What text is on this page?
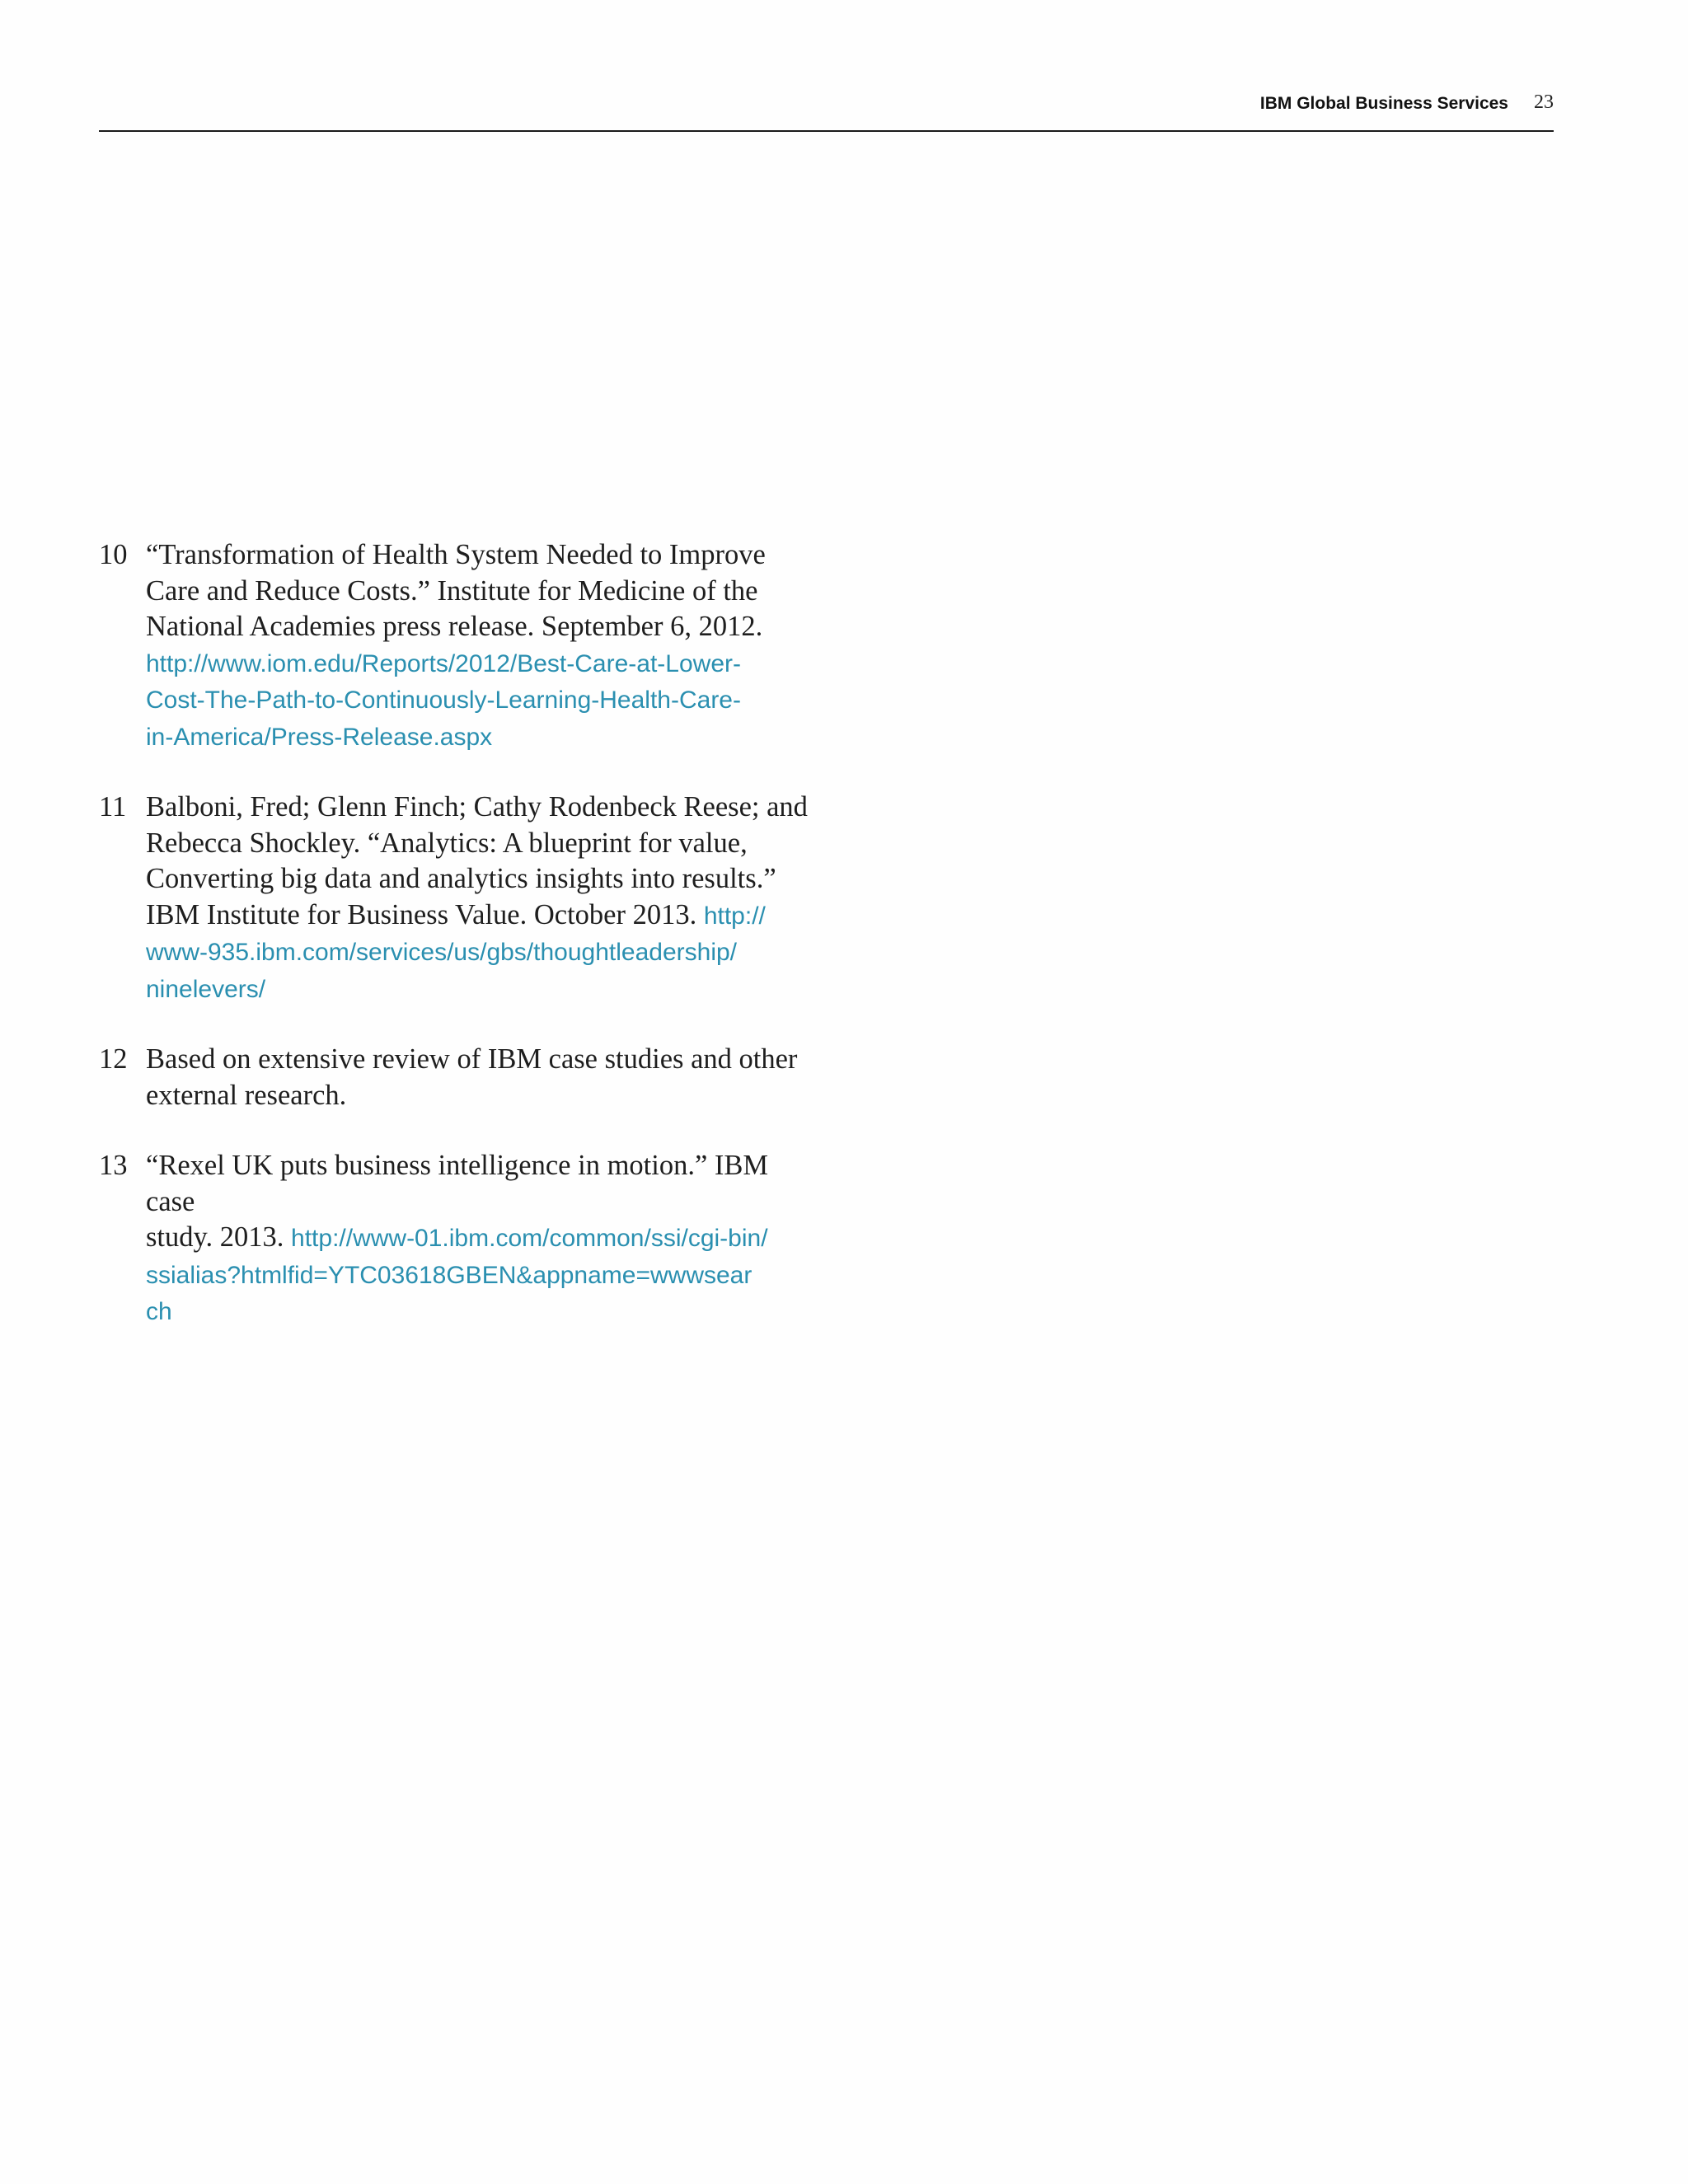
IBM Global Business Services 23
10 “Transformation of Health System Needed to Improve
Care and Reduce Costs.” Institute for Medicine of the
National Academies press release. September 6, 2012.
http://www.iom.edu/Reports/2012/Best-Care-at-Lower-
Cost-The-Path-to-Continuously-Learning-Health-Care-
in-America/Press-Release.aspx
11 Balboni, Fred; Glenn Finch; Cathy Rodenbeck Reese; and
Rebecca Shockley. “Analytics: A blueprint for value,
Converting big data and analytics insights into results.”
IBM Institute for Business Value. October 2013. http://
www-935.ibm.com/services/us/gbs/thoughtleadership/
ninelevers/
12 Based on extensive review of IBM case studies and other
external research.
13 “Rexel UK puts business intelligence in motion.” IBM case
study. 2013. http://www-01.ibm.com/common/ssi/cgi-bin/
ssialias?htmlfid=YTC03618GBEN&appname=wwwsear
ch
